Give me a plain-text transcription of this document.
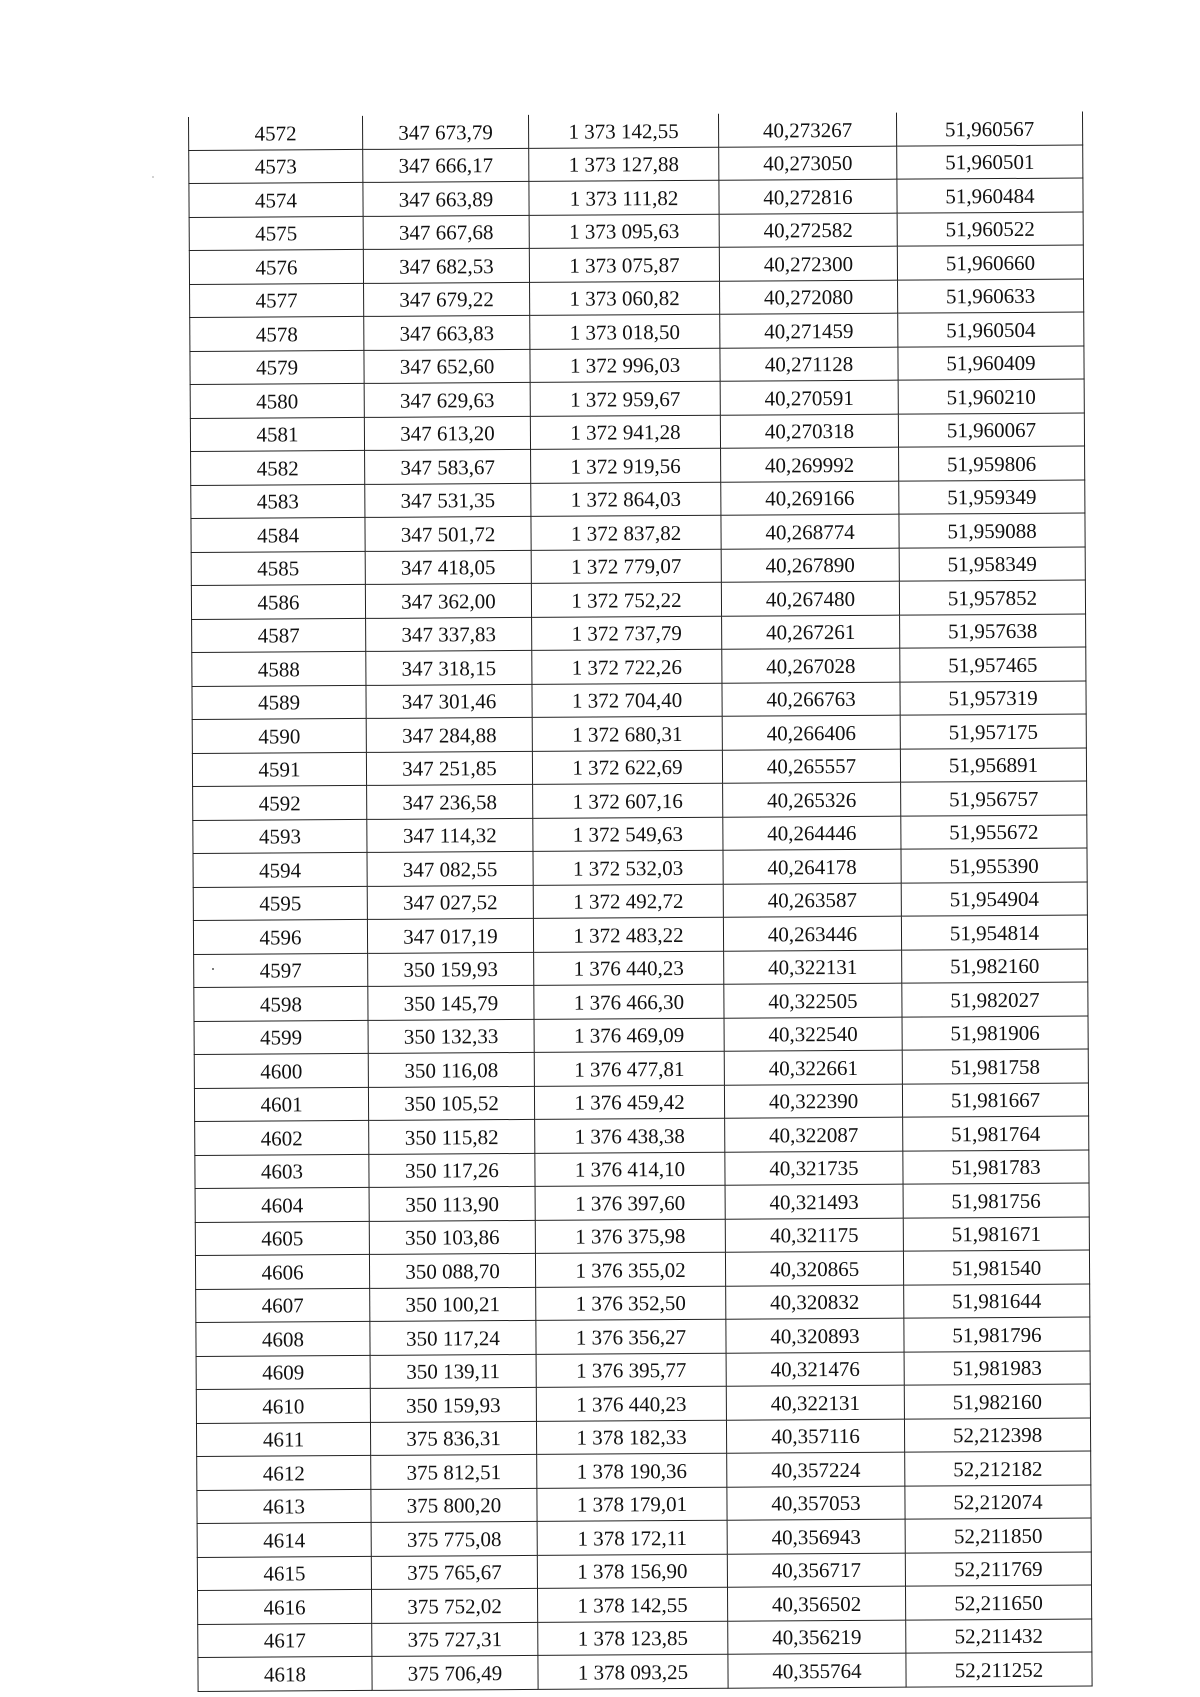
4572	347 673,79	1 373 142,55	40,273267	51,960567
4573	347 666,17	1 373 127,88	40,273050	51,960501
4574	347 663,89	1 373 111,82	40,272816	51,960484
4575	347 667,68	1 373 095,63	40,272582	51,960522
4576	347 682,53	1 373 075,87	40,272300	51,960660
4577	347 679,22	1 373 060,82	40,272080	51,960633
4578	347 663,83	1 373 018,50	40,271459	51,960504
4579	347 652,60	1 372 996,03	40,271128	51,960409
4580	347 629,63	1 372 959,67	40,270591	51,960210
4581	347 613,20	1 372 941,28	40,270318	51,960067
4582	347 583,67	1 372 919,56	40,269992	51,959806
4583	347 531,35	1 372 864,03	40,269166	51,959349
4584	347 501,72	1 372 837,82	40,268774	51,959088
4585	347 418,05	1 372 779,07	40,267890	51,958349
4586	347 362,00	1 372 752,22	40,267480	51,957852
4587	347 337,83	1 372 737,79	40,267261	51,957638
4588	347 318,15	1 372 722,26	40,267028	51,957465
4589	347 301,46	1 372 704,40	40,266763	51,957319
4590	347 284,88	1 372 680,31	40,266406	51,957175
4591	347 251,85	1 372 622,69	40,265557	51,956891
4592	347 236,58	1 372 607,16	40,265326	51,956757
4593	347 114,32	1 372 549,63	40,264446	51,955672
4594	347 082,55	1 372 532,03	40,264178	51,955390
4595	347 027,52	1 372 492,72	40,263587	51,954904
4596	347 017,19	1 372 483,22	40,263446	51,954814
4597	350 159,93	1 376 440,23	40,322131	51,982160
4598	350 145,79	1 376 466,30	40,322505	51,982027
4599	350 132,33	1 376 469,09	40,322540	51,981906
4600	350 116,08	1 376 477,81	40,322661	51,981758
4601	350 105,52	1 376 459,42	40,322390	51,981667
4602	350 115,82	1 376 438,38	40,322087	51,981764
4603	350 117,26	1 376 414,10	40,321735	51,981783
4604	350 113,90	1 376 397,60	40,321493	51,981756
4605	350 103,86	1 376 375,98	40,321175	51,981671
4606	350 088,70	1 376 355,02	40,320865	51,981540
4607	350 100,21	1 376 352,50	40,320832	51,981644
4608	350 117,24	1 376 356,27	40,320893	51,981796
4609	350 139,11	1 376 395,77	40,321476	51,981983
4610	350 159,93	1 376 440,23	40,322131	51,982160
4611	375 836,31	1 378 182,33	40,357116	52,212398
4612	375 812,51	1 378 190,36	40,357224	52,212182
4613	375 800,20	1 378 179,01	40,357053	52,212074
4614	375 775,08	1 378 172,11	40,356943	52,211850
4615	375 765,67	1 378 156,90	40,356717	52,211769
4616	375 752,02	1 378 142,55	40,356502	52,211650
4617	375 727,31	1 378 123,85	40,356219	52,211432
4618	375 706,49	1 378 093,25	40,355764	52,211252
